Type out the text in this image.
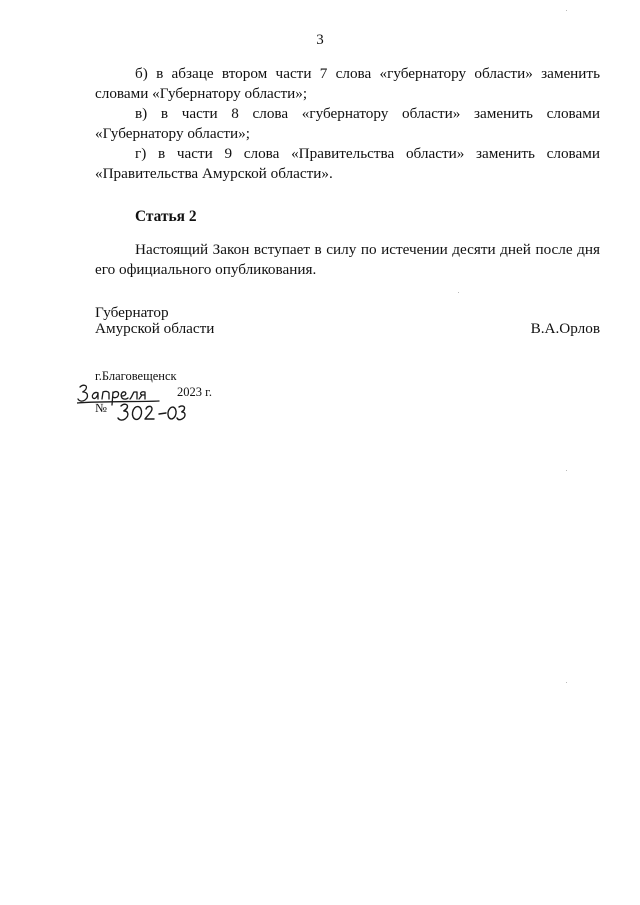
3

б) в абзаце втором части 7 слова «губернатору области» заменить словами «Губернатору области»;

в) в части 8 слова «губернатору области» заменить словами «Губернатору области»;

г) в части 9 слова «Правительства области» заменить словами «Правительства Амурской области».

Статья 2

Настоящий Закон вступает в силу по истечении десяти дней после дня его официального опубликования.

Губернатор
Амурской области	В.А.Орлов
г.Благовещенск
2023 г.
№
